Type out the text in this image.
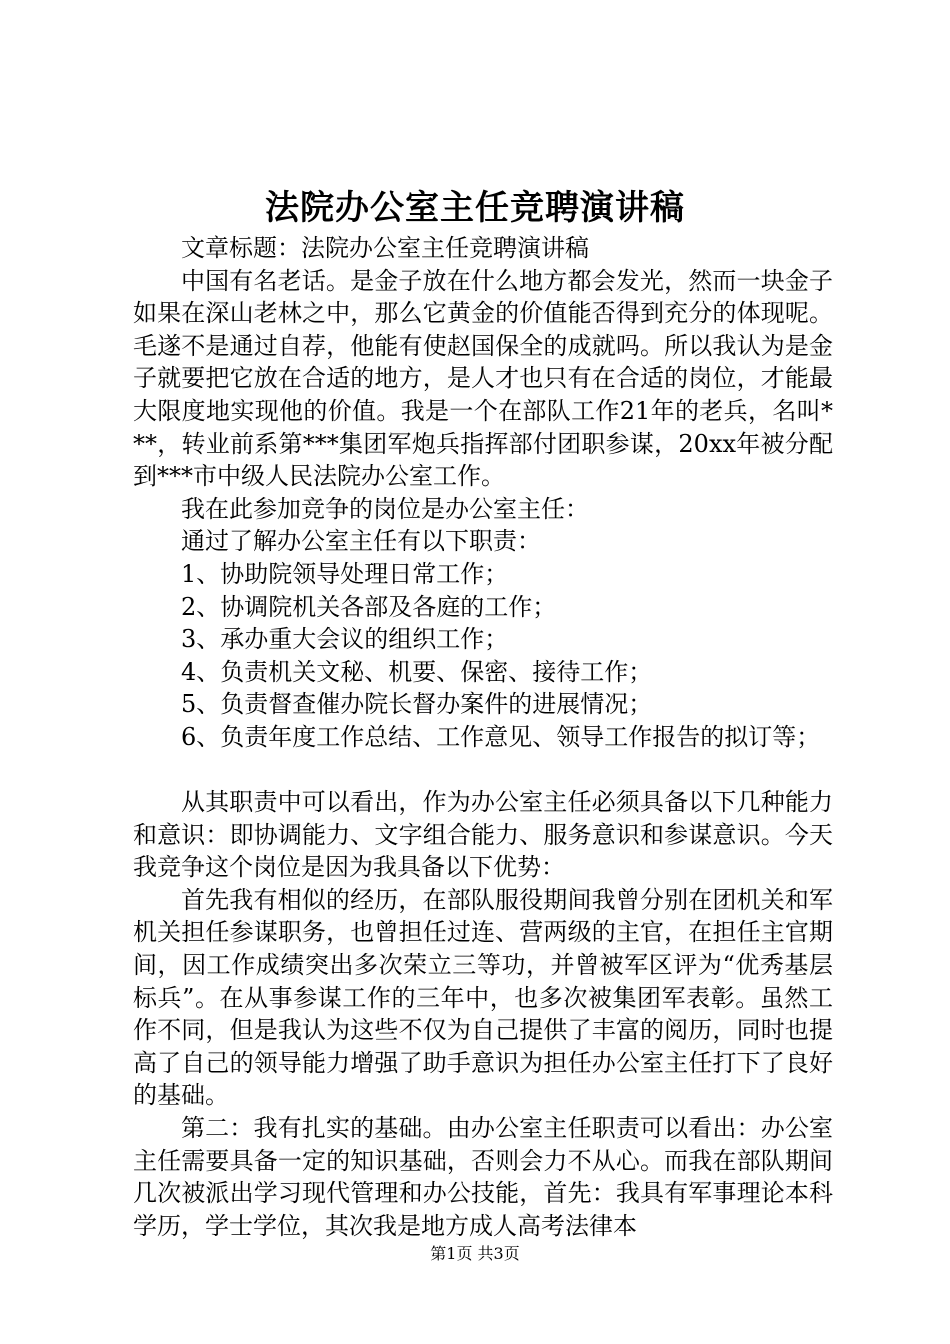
法院办公室主任竞聘演讲稿

文章标题：法院办公室主任竞聘演讲稿

中国有名老话。是金子放在什么地方都会发光，然而一块金子如果在深山老林之中，那么它黄金的价值能否得到充分的体现呢。毛遂不是通过自荐，他能有使赵国保全的成就吗。所以我认为是金子就要把它放在合适的地方，是人才也只有在合适的岗位，才能最大限度地实现他的价值。我是一个在部队工作21年的老兵，名叫***，转业前系第***集团军炮兵指挥部付团职参谋，20xx年被分配到***市中级人民法院办公室工作。

我在此参加竞争的岗位是办公室主任：

通过了解办公室主任有以下职责：

1、协助院领导处理日常工作；

2、协调院机关各部及各庭的工作；

3、承办重大会议的组织工作；

4、负责机关文秘、机要、保密、接待工作；

5、负责督查催办院长督办案件的进展情况；

6、负责年度工作总结、工作意见、领导工作报告的拟订等；

从其职责中可以看出，作为办公室主任必须具备以下几种能力和意识：即协调能力、文字组合能力、服务意识和参谋意识。今天我竞争这个岗位是因为我具备以下优势：

首先我有相似的经历，在部队服役期间我曾分别在团机关和军机关担任参谋职务，也曾担任过连、营两级的主官，在担任主官期间，因工作成绩突出多次荣立三等功，并曾被军区评为“优秀基层标兵”。在从事参谋工作的三年中，也多次被集团军表彰。虽然工作不同，但是我认为这些不仅为自己提供了丰富的阅历，同时也提高了自己的领导能力增强了助手意识为担任办公室主任打下了良好的基础。

第二：我有扎实的基础。由办公室主任职责可以看出：办公室主任需要具备一定的知识基础，否则会力不从心。而我在部队期间几次被派出学习现代管理和办公技能，首先：我具有军事理论本科学历，学士学位，其次我是地方成人高考法律本

第1页 共3页
